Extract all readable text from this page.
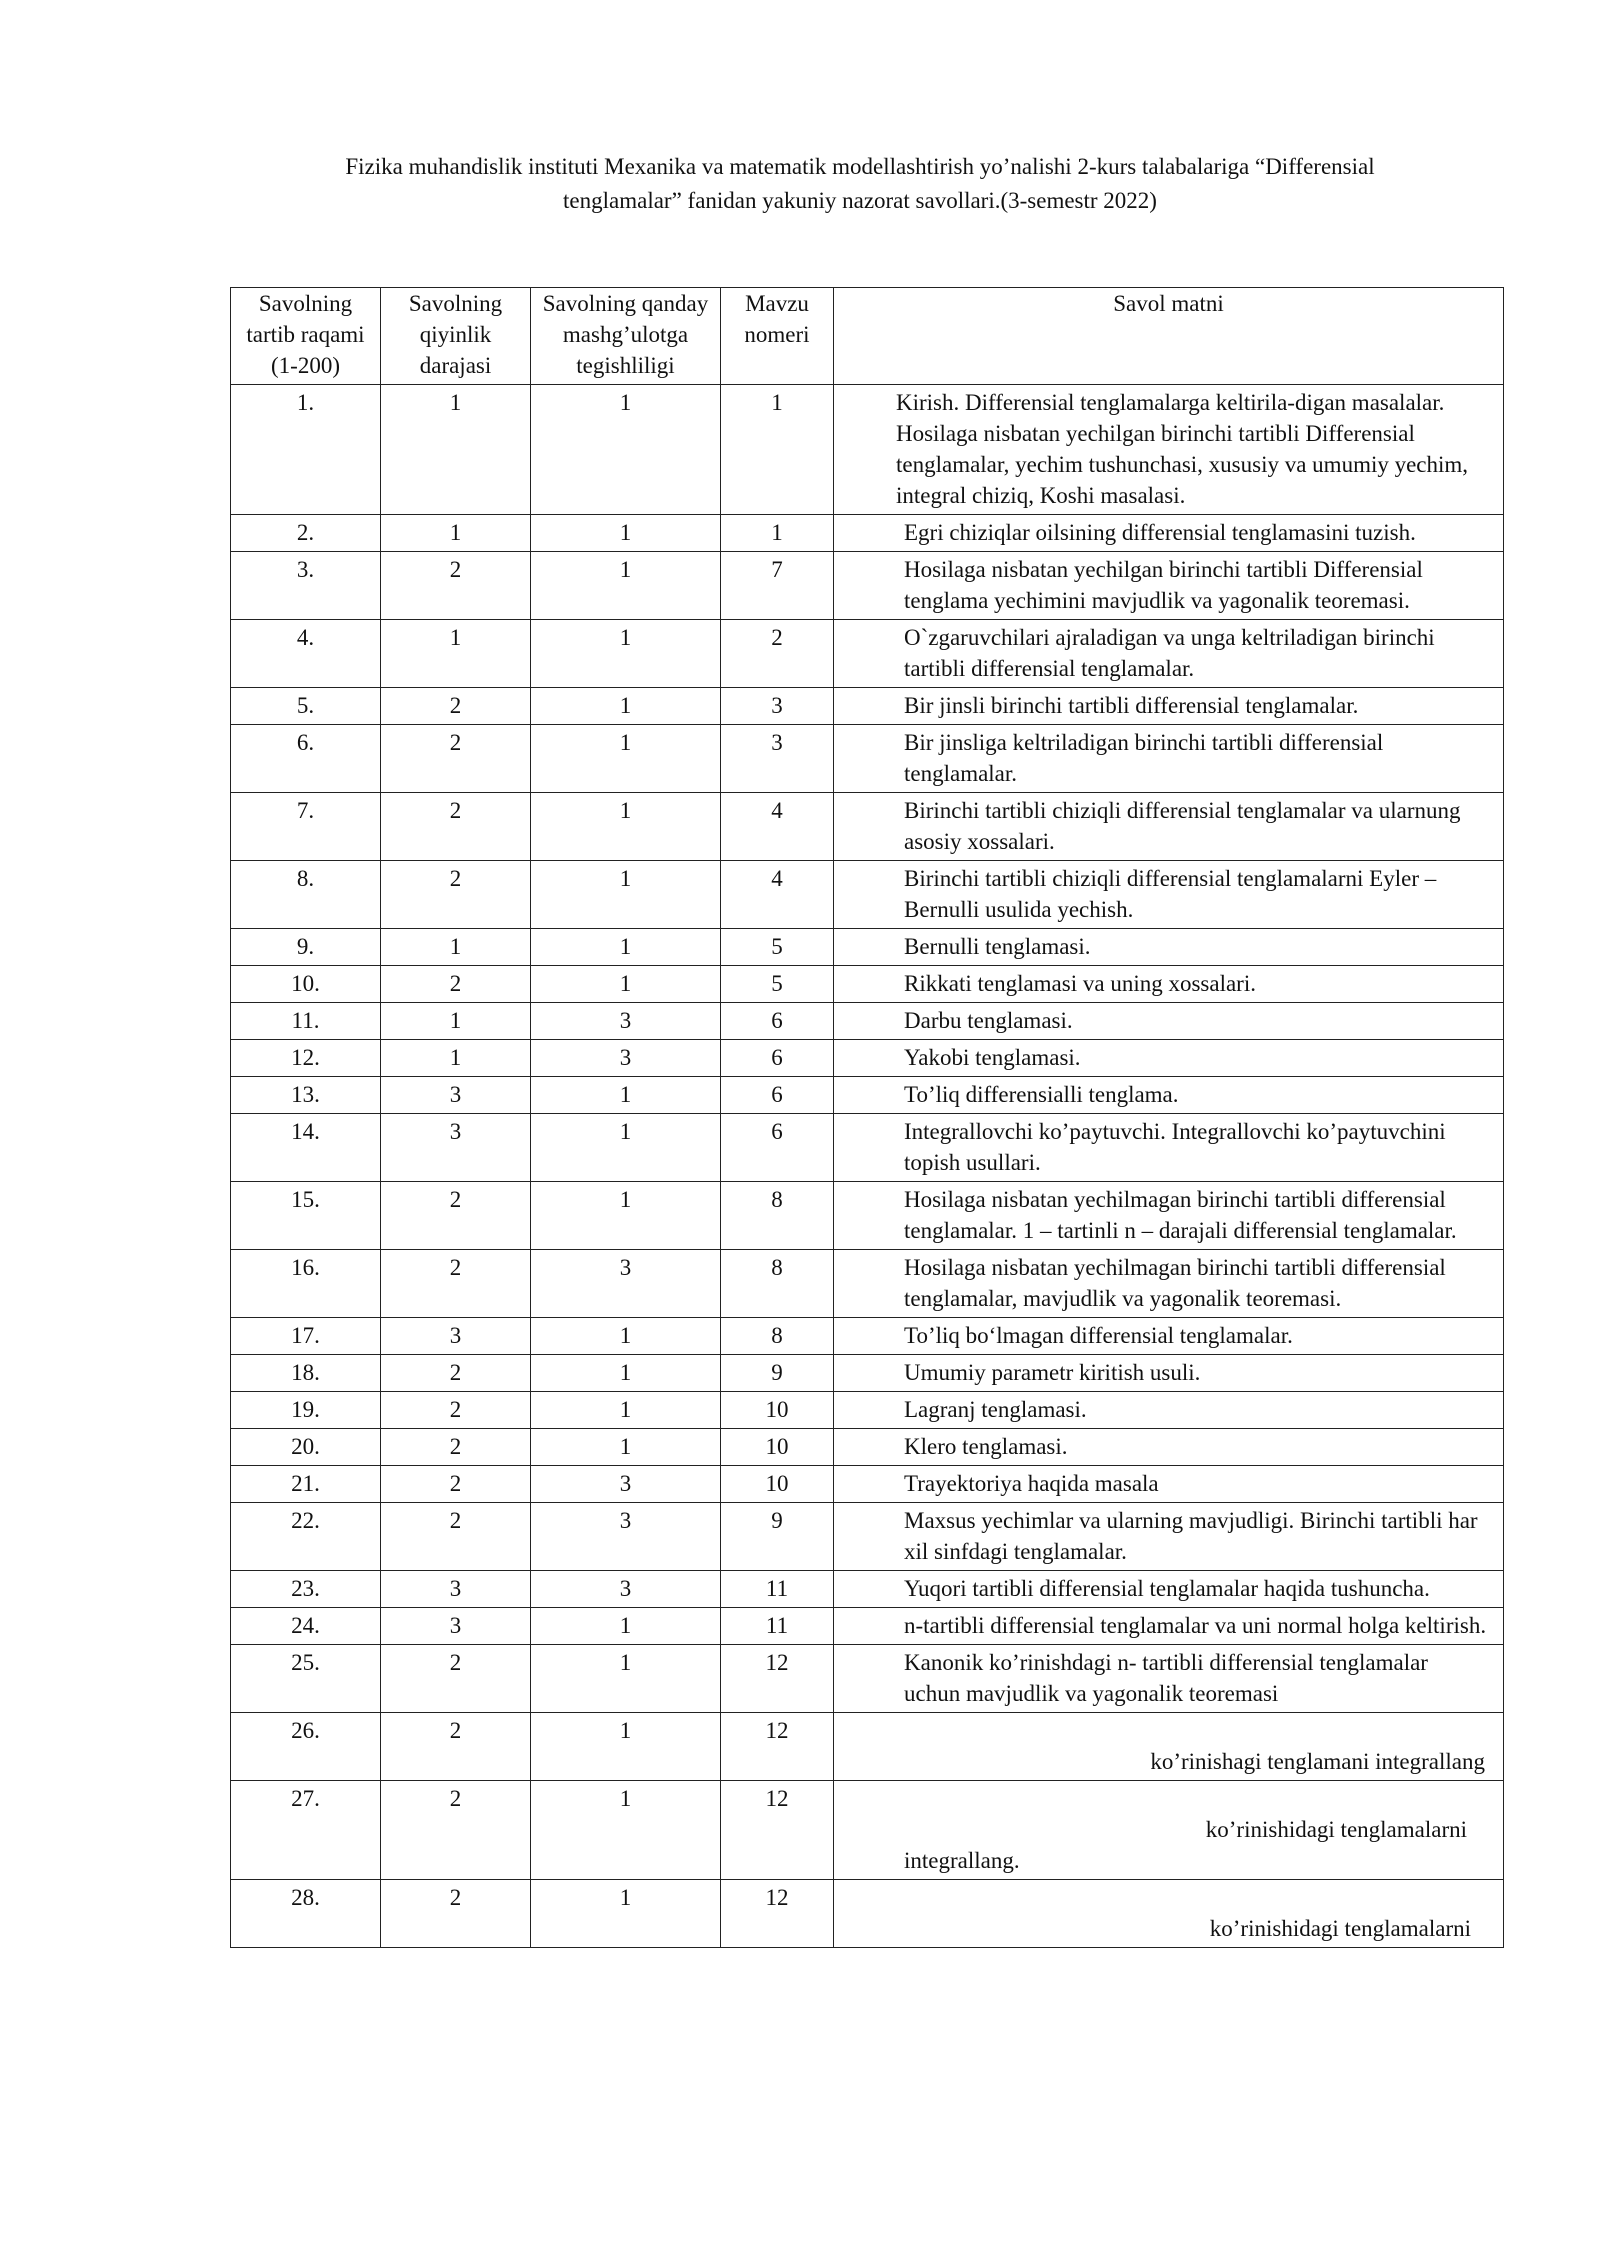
Fizika muhandislik instituti Mexanika va matematik modellashtirish yo’nalishi 2-kurs talabalariga “Differensial
tenglamalar” fanidan yakuniy nazorat savollari.(3-semestr 2022)
Savolning tartib raqami (1-200)	Savolning qiyinlik darajasi	Savolning qanday mashg’ulotga tegishliligi	Mavzu nomeri	Savol matni
1.	1	1	1	Kirish. Differensial tenglamalarga keltirila-digan masalalar. Hosilaga nisbatan yechilgan birinchi tartibli Differensial tenglamalar, yechim tushunchasi, xususiy va umumiy yechim, integral chiziq, Koshi masalasi.
2.	1	1	1	Egri chiziqlar oilsining differensial tenglamasini tuzish.
3.	2	1	7	Hosilaga nisbatan yechilgan birinchi tartibli Differensial tenglama yechimini mavjudlik va yagonalik teoremasi.
4.	1	1	2	O`zgaruvchilari ajraladigan va unga keltriladigan birinchi tartibli differensial tenglamalar.
5.	2	1	3	Bir jinsli birinchi tartibli differensial tenglamalar.
6.	2	1	3	Bir jinsliga keltriladigan birinchi tartibli differensial tenglamalar.
7.	2	1	4	Birinchi tartibli chiziqli differensial tenglamalar va ularnung asosiy xossalari.
8.	2	1	4	Birinchi tartibli chiziqli differensial tenglamalarni Eyler – Bernulli usulida yechish.
9.	1	1	5	Bernulli tenglamasi.
10.	2	1	5	Rikkati tenglamasi va uning xossalari.
11.	1	3	6	Darbu tenglamasi.
12.	1	3	6	Yakobi tenglamasi.
13.	3	1	6	To’liq differensialli tenglama.
14.	3	1	6	Integrallovchi ko’paytuvchi. Integrallovchi ko’paytuvchini topish usullari.
15.	2	1	8	Hosilaga nisbatan yechilmagan birinchi tartibli differensial tenglamalar. 1 – tartinli n – darajali differensial tenglamalar.
16.	2	3	8	Hosilaga nisbatan yechilmagan birinchi tartibli differensial tenglamalar, mavjudlik va yagonalik teoremasi.
17.	3	1	8	To’liq boʻlmagan differensial tenglamalar.
18.	2	1	9	Umumiy parametr kiritish usuli.
19.	2	1	10	Lagranj tenglamasi.
20.	2	1	10	Klero tenglamasi.
21.	2	3	10	Trayektoriya haqida masala
22.	2	3	9	Maxsus yechimlar va ularning mavjudligi. Birinchi tartibli har xil sinfdagi tenglamalar.
23.	3	3	11	Yuqori tartibli differensial tenglamalar haqida tushuncha.
24.	3	1	11	n-tartibli differensial tenglamalar va uni normal holga keltirish.
25.	2	1	12	Kanonik ko’rinishdagi n- tartibli differensial tenglamalar uchun mavjudlik va yagonalik teoremasi
26.	2	1	12	ko’rinishagi tenglamani integrallang

27.	2	1	12	ko’rinishidagi tenglamalarni
integrallang.

28.	2	1	12	ko’rinishidagi tenglamalarni
